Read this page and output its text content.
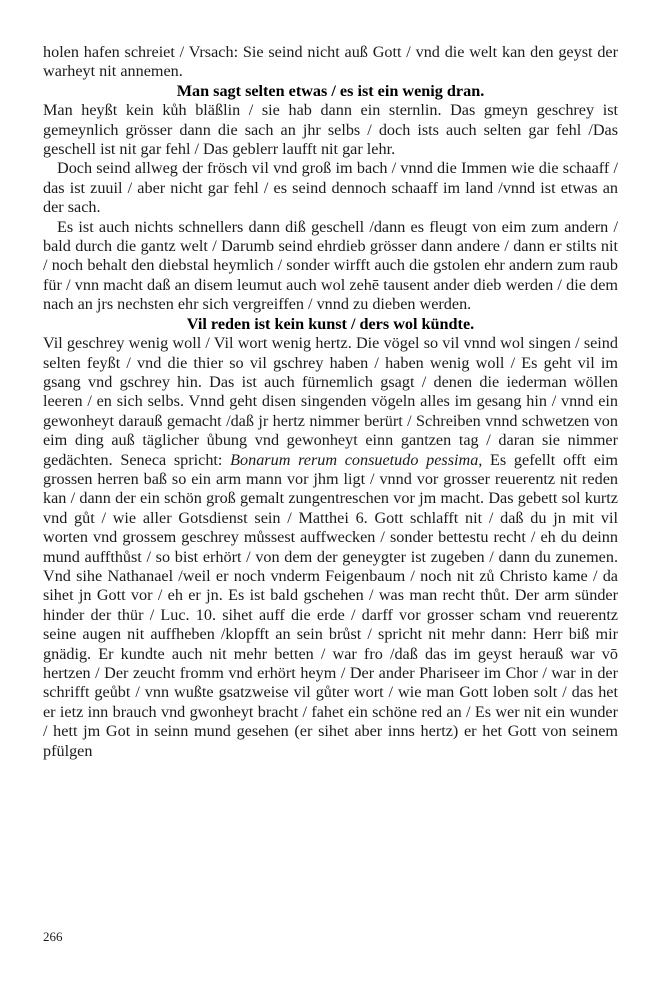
holen hafen schreiet / Vrsach: Sie seind nicht auß Gott / vnd die welt kan den geyst der warheyt nit annemen.

Man sagt selten etwas / es ist ein wenig dran.

Man heyßt kein kůh bläßlin / sie hab dann ein sternlin. Das gmeyn geschrey ist gemeynlich grösser dann die sach an jhr selbs / doch ists auch selten gar fehl /Das geschell ist nit gar fehl / Das geblerr laufft nit gar lehr.

Doch seind allweg der frösch vil vnd groß im bach / vnnd die Immen wie die schaaff / das ist zuuil / aber nicht gar fehl / es seind dennoch schaaff im land /vnnd ist etwas an der sach.

Es ist auch nichts schnellers dann diß geschell /dann es fleugt von eim zum andern / bald durch die gantz welt / Darumb seind ehrdieb grösser dann andere / dann er stilts nit / noch behalt den diebstal heymlich / sonder wirfft auch die gstolen ehr andern zum raub für / vnn macht daß an disem leumut auch wol zehē tausent ander dieb werden / die dem nach an jrs nechsten ehr sich vergreiffen / vnnd zu dieben werden.

Vil reden ist kein kunst / ders wol kündte.

Vil geschrey wenig woll / Vil wort wenig hertz. Die vögel so vil vnnd wol singen / seind selten feyßt / vnd die thier so vil gschrey haben / haben wenig woll / Es geht vil im gsang vnd gschrey hin. Das ist auch fürnemlich gsagt / denen die iederman wöllen leeren / en sich selbs. Vnnd geht disen singenden vögeln alles im gesang hin / vnnd ein gewonheyt darauß gemacht /daß jr hertz nimmer berürt / Schreiben vnnd schwetzen von eim ding auß täglicher ůbung vnd gewonheyt einn gantzen tag / daran sie nimmer gedächten. Seneca spricht: Bonarum rerum consuetudo pessima, Es gefellt offt eim grossen herren baß so ein arm mann vor jhm ligt / vnnd vor grosser reuerentz nit reden kan / dann der ein schön groß gemalt zungentreschen vor jm macht. Das gebett sol kurtz vnd gůt / wie aller Gotsdienst sein / Matthei 6. Gott schlafft nit / daß du jn mit vil worten vnd grossem geschrey můssest auffwecken / sonder bettestu recht / eh du deinn mund auffthůst / so bist erhört / von dem der geneygter ist zugeben / dann du zunemen. Vnd sihe Nathanael /weil er noch vnderm Feigenbaum / noch nit zů Christo kame / da sihet jn Gott vor / eh er jn. Es ist bald gschehen / was man recht thůt. Der arm sünder hinder der thür / Luc. 10. sihet auff die erde / darff vor grosser scham vnd reuerentz seine augen nit auffheben /klopfft an sein brůst / spricht nit mehr dann: Herr biß mir gnädig. Er kundte auch nit mehr betten / war fro /daß das im geyst herauß war vō hertzen / Der zeucht fromm vnd erhört heym / Der ander Phariseer im Chor / war in der schrifft geůbt / vnn wußte gsatzweise vil gůter wort / wie man Gott loben solt / das het er ietz inn brauch vnd gwonheyt bracht / fahet ein schöne red an / Es wer nit ein wunder / hett jm Got in seinn mund gesehen (er sihet aber inns hertz) er het Gott von seinem pfülgen

266
